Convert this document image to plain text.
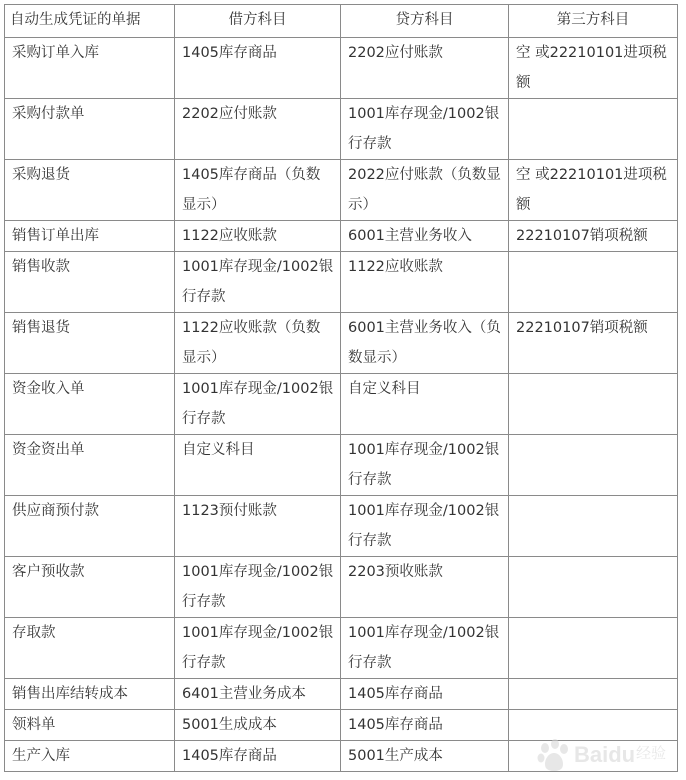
自动生成凭证的单据	借方科目	贷方科目	第三方科目
采购订单入库	1405库存商品	2202应付账款	空 或22210101进项税额
采购付款单	2202应付账款	1001库存现金/1002银行存款	
采购退货	1405库存商品（负数显示）	2022应付账款（负数显示）	空 或22210101进项税额
销售订单出库	1122应收账款	6001主营业务收入	22210107销项税额
销售收款	1001库存现金/1002银行存款	1122应收账款	
销售退货	1122应收账款（负数显示）	6001主营业务收入（负数显示）	22210107销项税额
资金收入单	1001库存现金/1002银行存款	自定义科目	
资金资出单	自定义科目	1001库存现金/1002银行存款	
供应商预付款	1123预付账款	1001库存现金/1002银行存款	
客户预收款	1001库存现金/1002银行存款	2203预收账款	
存取款	1001库存现金/1002银行存款	1001库存现金/1002银行存款	
销售出库结转成本	6401主营业务成本	1405库存商品	
领料单	5001生成成本	1405库存商品	
生产入库	1405库存商品	5001生产成本		Baidu 经验
